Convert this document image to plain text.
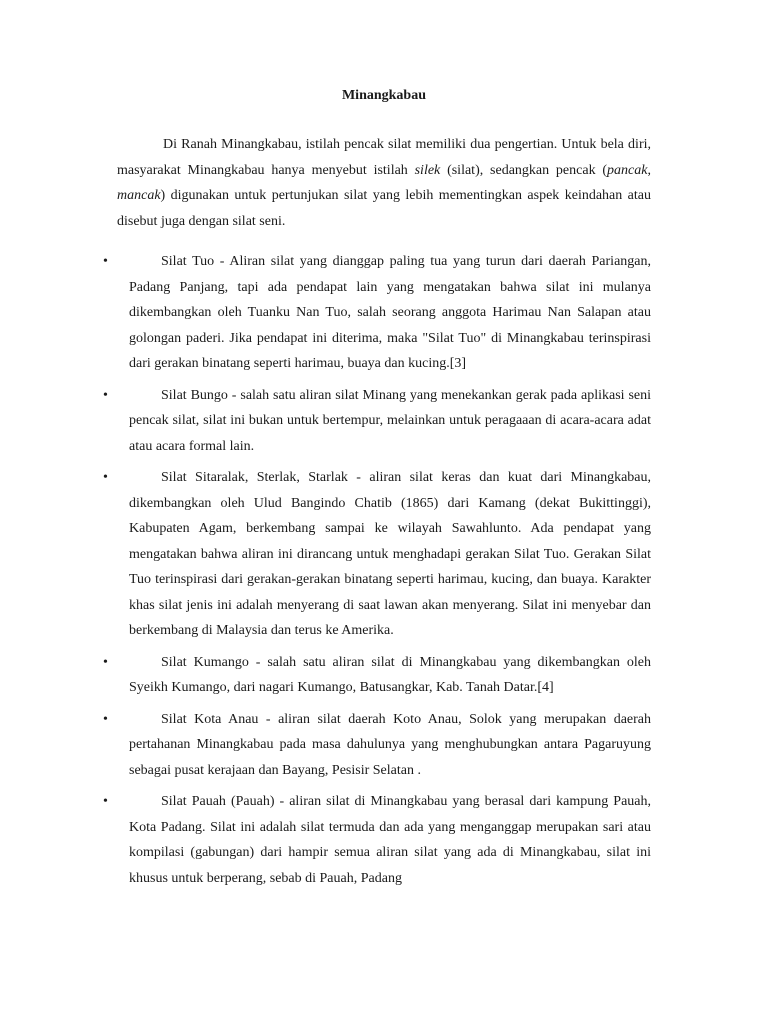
Minangkabau

Di Ranah Minangkabau, istilah pencak silat memiliki dua pengertian. Untuk bela diri, masyarakat Minangkabau hanya menyebut istilah silek (silat), sedangkan pencak (pancak, mancak) digunakan untuk pertunjukan silat yang lebih mementingkan aspek keindahan atau disebut juga dengan silat seni.

•	Silat Tuo - Aliran silat yang dianggap paling tua yang turun dari daerah Pariangan, Padang Panjang, tapi ada pendapat lain yang mengatakan bahwa silat ini mulanya dikembangkan oleh Tuanku Nan Tuo, salah seorang anggota Harimau Nan Salapan atau golongan paderi. Jika pendapat ini diterima, maka "Silat Tuo" di Minangkabau terinspirasi dari gerakan binatang seperti harimau, buaya dan kucing.[3]
•	Silat Bungo - salah satu aliran silat Minang yang menekankan gerak pada aplikasi seni pencak silat, silat ini bukan untuk bertempur, melainkan untuk peragaaan di acara-acara adat atau acara formal lain.
•	Silat Sitaralak, Sterlak, Starlak - aliran silat keras dan kuat dari Minangkabau, dikembangkan oleh Ulud Bangindo Chatib (1865) dari Kamang (dekat Bukittinggi), Kabupaten Agam, berkembang sampai ke wilayah Sawahlunto. Ada pendapat yang mengatakan bahwa aliran ini dirancang untuk menghadapi gerakan Silat Tuo. Gerakan Silat Tuo terinspirasi dari gerakan-gerakan binatang seperti harimau, kucing, dan buaya. Karakter khas silat jenis ini adalah menyerang di saat lawan akan menyerang. Silat ini menyebar dan berkembang di Malaysia dan terus ke Amerika.
•	Silat Kumango - salah satu aliran silat di Minangkabau yang dikembangkan oleh Syeikh Kumango, dari nagari Kumango, Batusangkar, Kab. Tanah Datar.[4]
•	Silat Kota Anau - aliran silat daerah Koto Anau, Solok yang merupakan daerah pertahanan Minangkabau pada masa dahulunya yang menghubungkan antara Pagaruyung sebagai pusat kerajaan dan Bayang, Pesisir Selatan .
•	Silat Pauah (Pauah) - aliran silat di Minangkabau yang berasal dari kampung Pauah, Kota Padang. Silat ini adalah silat termuda dan ada yang menganggap merupakan sari atau kompilasi (gabungan) dari hampir semua aliran silat yang ada di Minangkabau, silat ini khusus untuk berperang, sebab di Pauah, Padang
